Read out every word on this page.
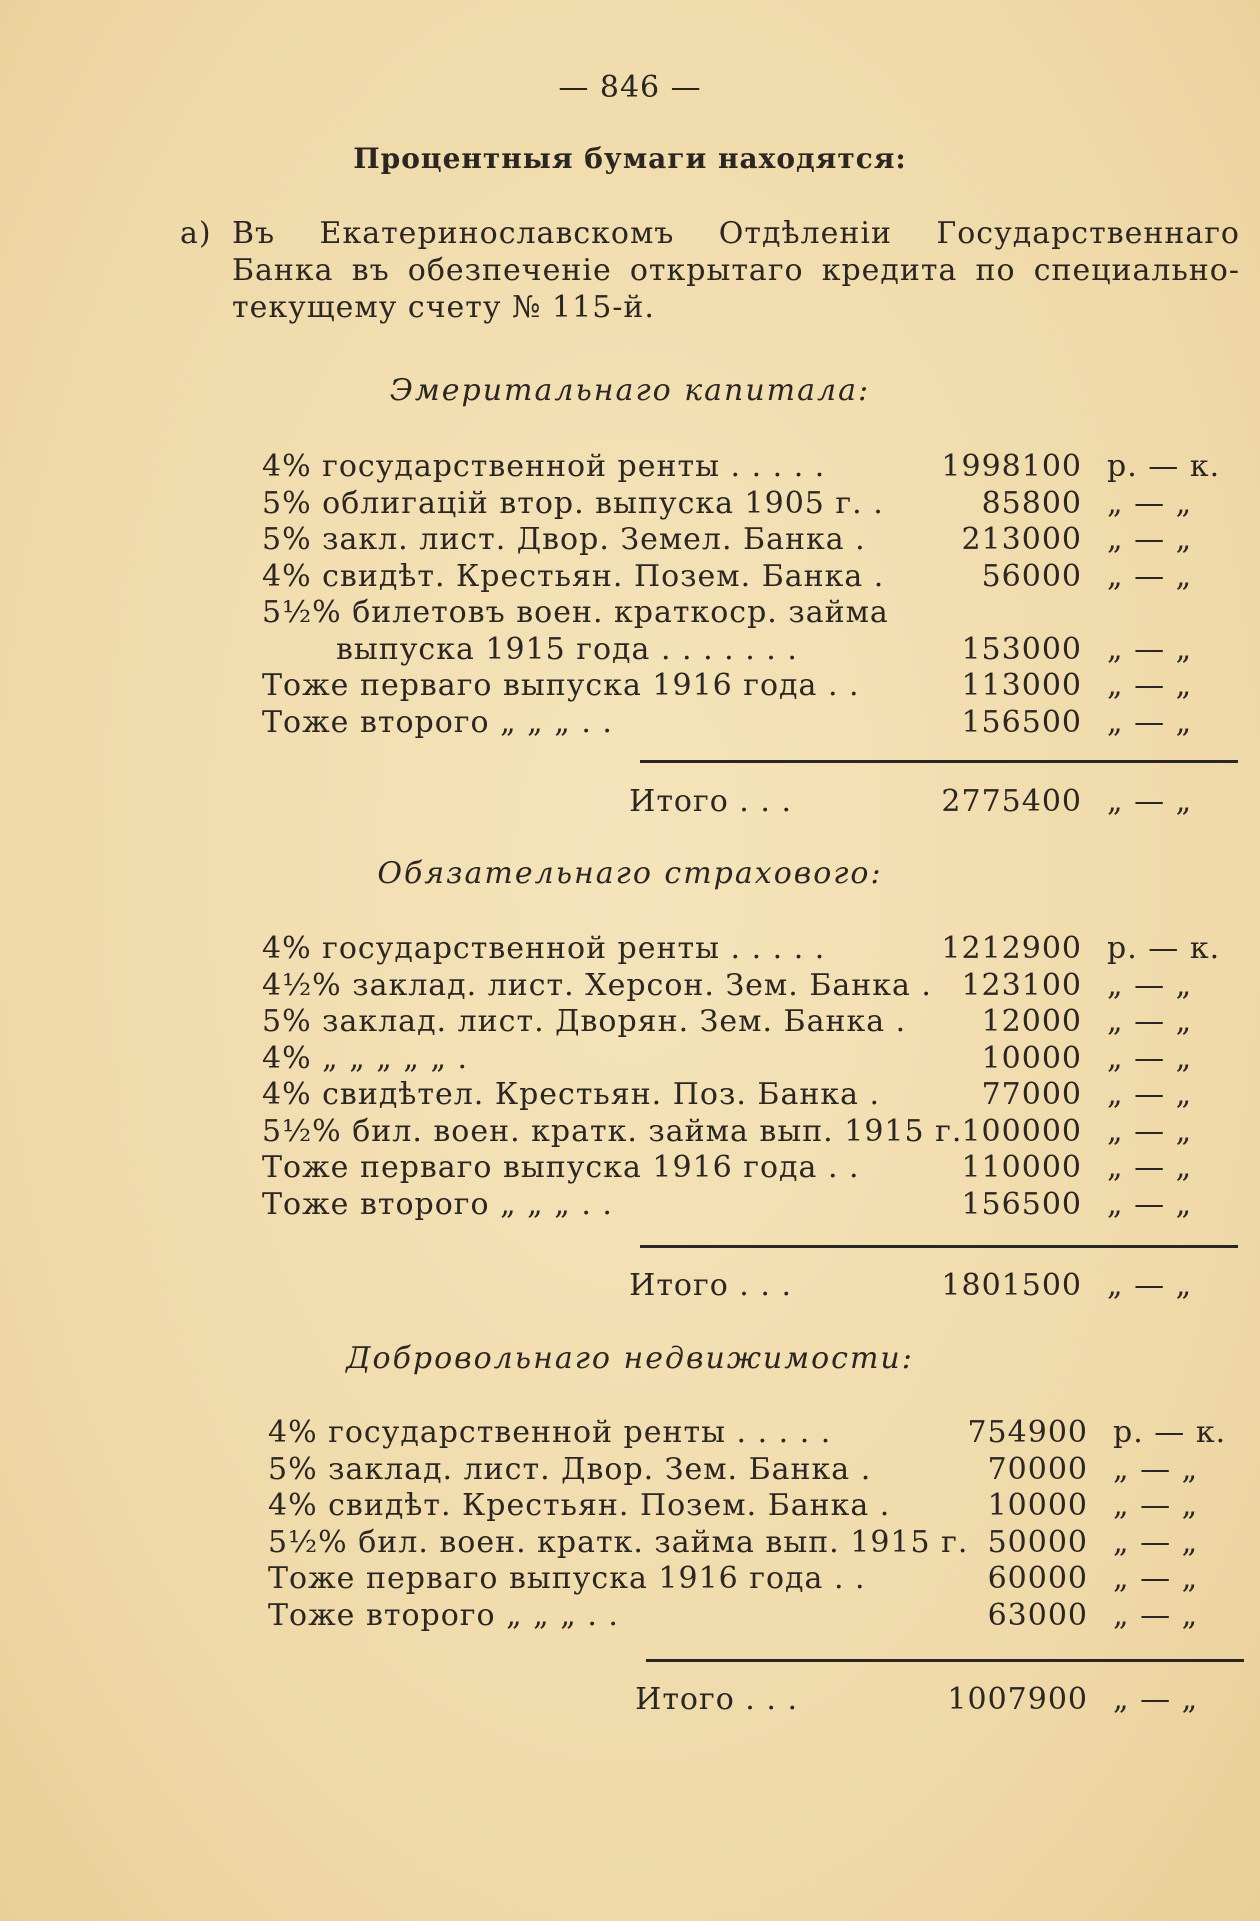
— 846 —
Процентныя бумаги находятся:
а) Въ Екатеринославскомъ Отдѣленіи Государственнаго Банка въ обезпеченіе открытаго кредита по специально-текущему счету № 115-й.
Эмеритальнаго капитала:
4% государственной ренты . . . . .	1998100 р. — к.
5% облигацій втор. выпуска 1905 г. .	85800 „ — „
5% закл. лист. Двор. Земел. Банка .	213000 „ — „
4% свидѣт. Крестьян. Позем. Банка .	56000 „ — „
5½% билетовъ воен. краткоср. займа
выпуска 1915 года . . . . . . .	153000 „ — „
Тоже перваго выпуска 1916 года . .	113000 „ — „
Тоже второго „ „ „ . .	156500 „ — „
Итого . . .	2775400 „ — „
Обязательнаго страхового:
4% государственной ренты . . . . .	1212900 р. — к.
4½% заклад. лист. Херсон. Зем. Банка . 123100 „ — „
5% заклад. лист. Дворян. Зем. Банка .	12000 „ — „
4% „ „ „ „ „ .	10000 „ — „
4% свидѣтел. Крестьян. Поз. Банка .	77000 „ — „
5½% бил. воен. кратк. займа вып. 1915 г. 100000 „ — „
Тоже перваго выпуска 1916 года . .	110000 „ — „
Тоже второго „ „ „ . .	156500 „ — „
Итого . . .	1801500 „ — „
Добровольнаго недвижимости:
4% государственной ренты . . . . .	754900 р. — к.
5% заклад. лист. Двор. Зем. Банка .	70000 „ — „
4% свидѣт. Крестьян. Позем. Банка .	10000 „ — „
5½% бил. воен. кратк. займа вып. 1915 г. 50000 „ — „
Тоже перваго выпуска 1916 года . .	60000 „ — „
Тоже второго „ „ „ . .	63000 „ — „
Итого . . .	1007900 „ — „
